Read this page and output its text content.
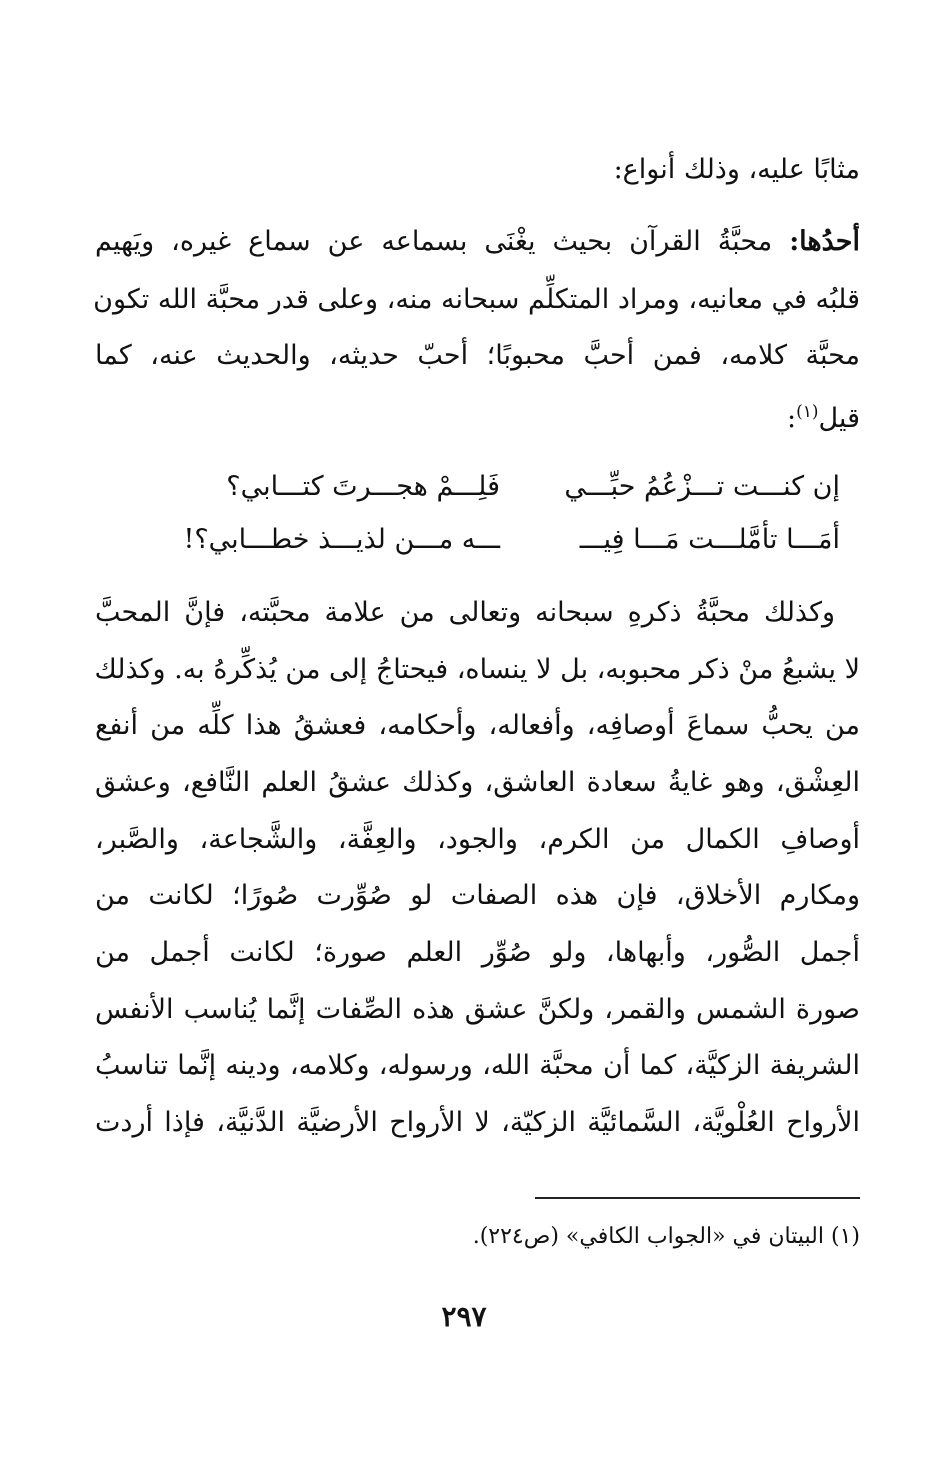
مثابًا عليه، وذلك أنواع:
أحدُها: محبَّةُ القرآن بحيث يغْنَى بسماعه عن سماع غيره، ويَهيم
قلبُه في معانيه، ومراد المتكلِّم سبحانه منه، وعلى قدر محبَّة الله تكون
محبَّة كلامه، فمن أحبَّ محبوبًا؛ أحبّ حديثه، والحديث عنه، كما
قيل$^{(١)}$:
إن كنـــت تـــزْعُمُ حبِّـــي
فَلِـــمْ هجـــرتَ كتـــابي؟
أمَـــا تأمَّلـــت مَـــا فِيـــ
ـــه مـــن لذيـــذ خطـــابي؟!
وكذلك محبَّةُ ذكرهِ سبحانه وتعالى من علامة محبَّته، فإنَّ المحبَّ
لا يشبعُ منْ ذكر محبوبه، بل لا ينساه، فيحتاجُ إلى من يُذكِّرهُ به. وكذلك
من يحبُّ سماعَ أوصافِه، وأفعاله، وأحكامه، فعشقُ هذا كلِّه من أنفع
العِشْق، وهو غايةُ سعادة العاشق، وكذلك عشقُ العلم النَّافع، وعشق
أوصافِ الكمال من الكرم، والجود، والعِفَّة، والشَّجاعة، والصَّبر،
ومكارم الأخلاق، فإن هذه الصفات لو صُوِّرت صُورًا؛ لكانت من
أجمل الصُّور، وأبهاها، ولو صُوِّر العلم صورة؛ لكانت أجمل من
صورة الشمس والقمر، ولكنَّ عشق هذه الصِّفات إنَّما يُناسب الأنفس
الشريفة الزكيَّة، كما أن محبَّة الله، ورسوله، وكلامه، ودينه إنَّما تناسبُ
الأرواح العُلْويَّة، السَّمائيَّة الزكيّة، لا الأرواح الأرضيَّة الدَّنيَّة، فإذا أردت
(١) البيتان في «الجواب الكافي» (ص٢٢٤).
٢٩٧
